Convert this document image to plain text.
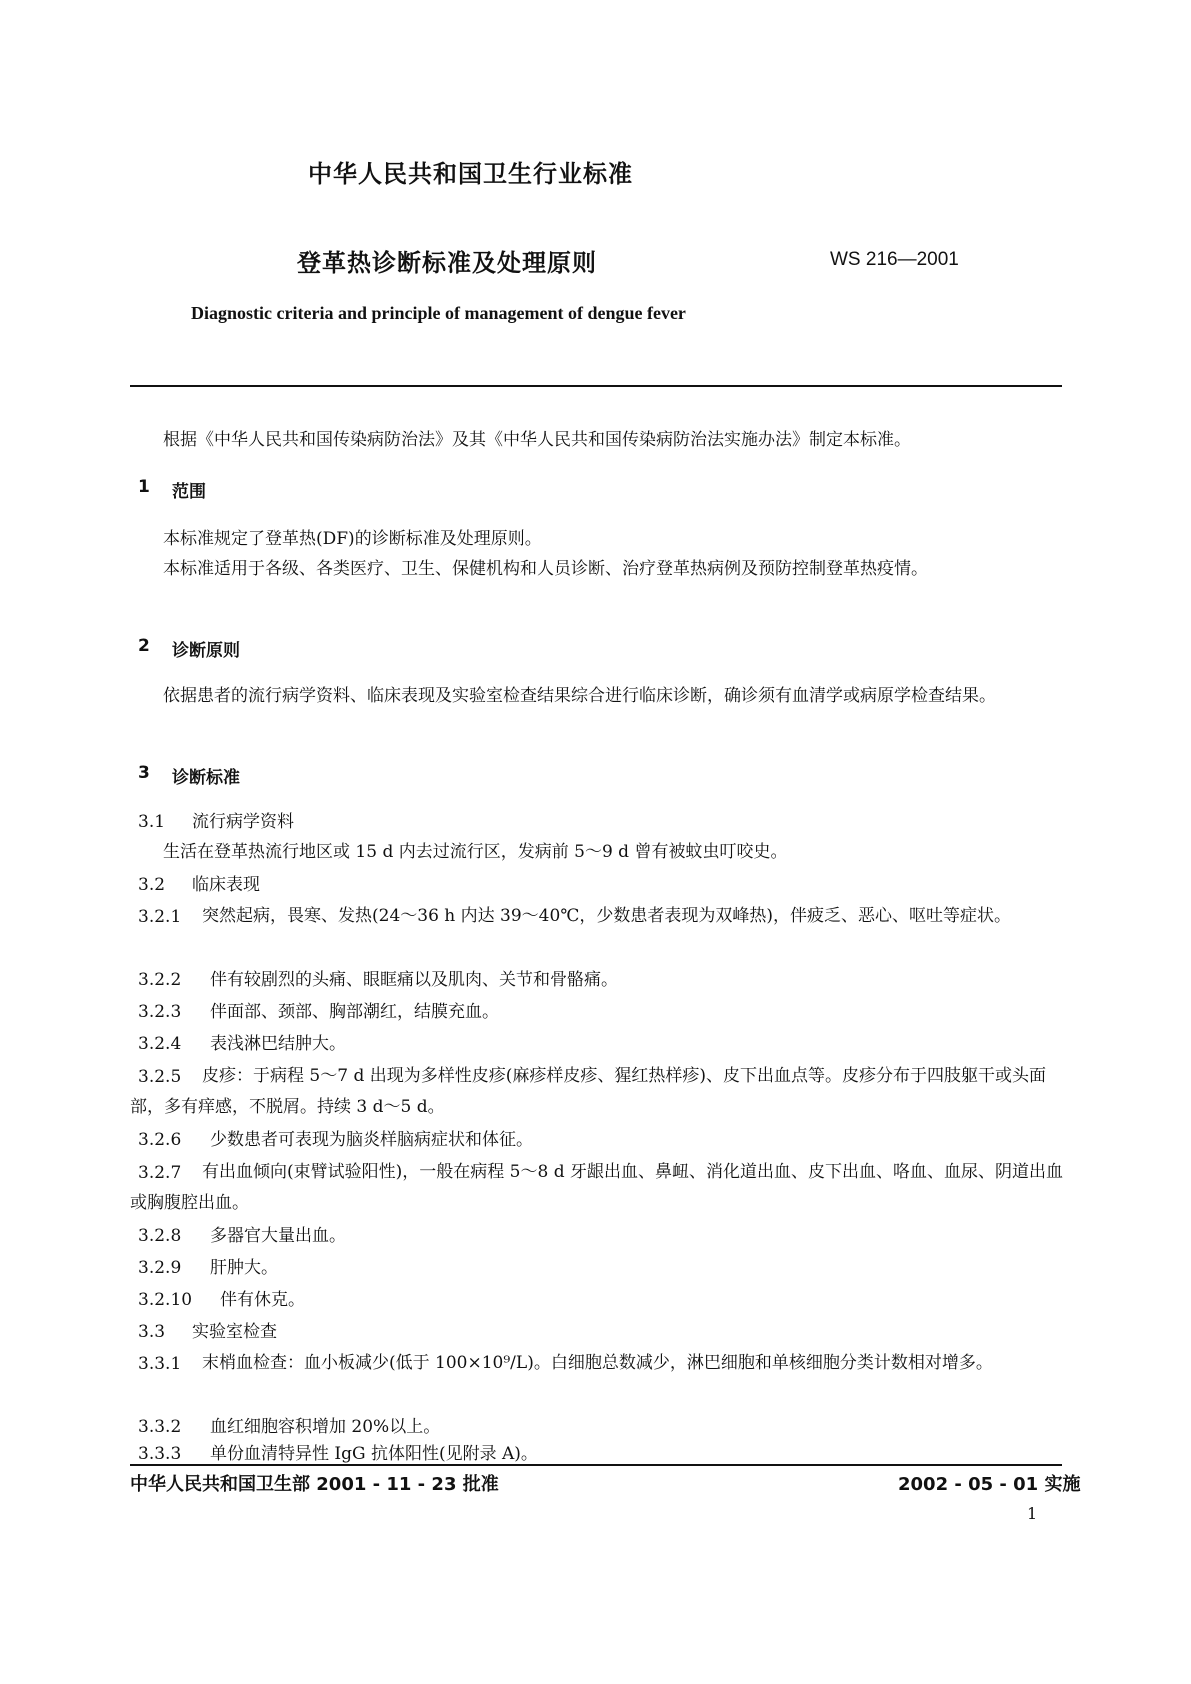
中华人民共和国卫生行业标准
登革热诊断标准及处理原则	WS 216—2001
Diagnostic criteria and principle of management of dengue fever
根据《中华人民共和国传染病防治法》及其《中华人民共和国传染病防治法实施办法》制定本标准。
1 范围
本标准规定了登革热(DF)的诊断标准及处理原则。
本标准适用于各级、各类医疗、卫生、保健机构和人员诊断、治疗登革热病例及预防控制登革热疫情。
2 诊断原则
依据患者的流行病学资料、临床表现及实验室检查结果综合进行临床诊断，确诊须有血清学或病原学检查结果。
3 诊断标准
3.1 流行病学资料
生活在登革热流行地区或 15 d 内去过流行区，发病前 5～9 d 曾有被蚊虫叮咬史。
3.2 临床表现
3.2.1	突然起病，畏寒、发热(24～36 h 内达 39～40℃，少数患者表现为双峰热)，伴疲乏、恶心、呕吐等症状。
3.2.2 伴有较剧烈的头痛、眼眶痛以及肌肉、关节和骨骼痛。
3.2.3 伴面部、颈部、胸部潮红，结膜充血。
3.2.4 表浅淋巴结肿大。
3.2.5	皮疹：于病程 5～7 d 出现为多样性皮疹(麻疹样皮疹、猩红热样疹)、皮下出血点等。皮疹分布于四肢躯干或头面部，多有痒感，不脱屑。持续 3 d～5 d。
3.2.6 少数患者可表现为脑炎样脑病症状和体征。
3.2.7	有出血倾向(束臂试验阳性)，一般在病程 5～8 d 牙龈出血、鼻衄、消化道出血、皮下出血、咯血、血尿、阴道出血或胸腹腔出血。
3.2.8 多器官大量出血。
3.2.9 肝肿大。
3.2.10 伴有休克。
3.3 实验室检查
3.3.1	末梢血检查：血小板减少(低于 100×10⁹/L)。白细胞总数减少，淋巴细胞和单核细胞分类计数相对增多。
3.3.2 血红细胞容积增加 20%以上。
3.3.3 单份血清特异性 IgG 抗体阳性(见附录 A)。
中华人民共和国卫生部 2001 - 11 - 23 批准	2002 - 05 - 01 实施
1
